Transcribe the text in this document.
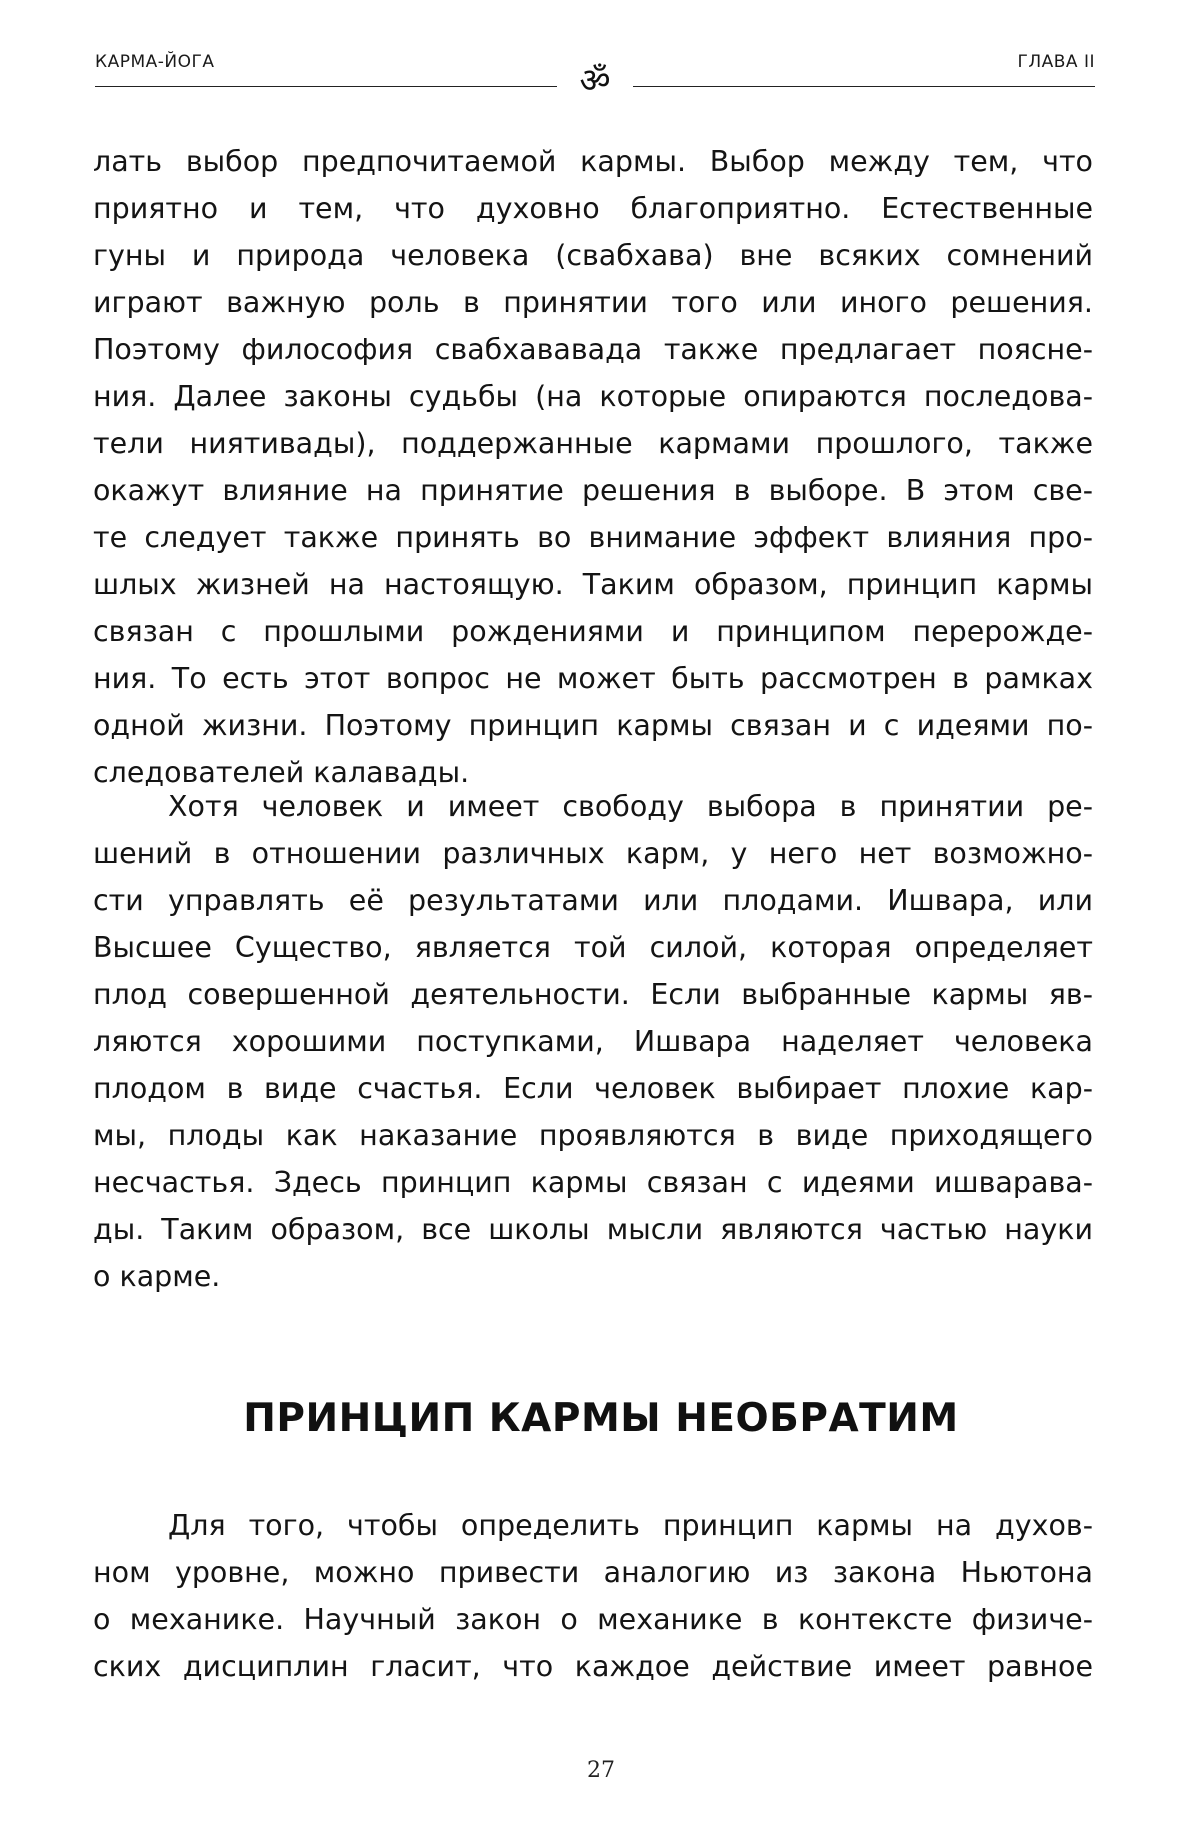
КАРМА-ЙОГА	ॐ	ГЛАВА II
лать выбор предпочитаемой кармы. Выбор между тем, что
приятно и тем, что духовно благоприятно. Естественные
гуны и природа человека (свабхава) вне всяких сомнений
играют важную роль в принятии того или иного решения.
Поэтому философия свабхававада также предлагает поясне-
ния. Далее законы судьбы (на которые опираются последова-
тели ниятивады), поддержанные кармами прошлого, также
окажут влияние на принятие решения в выборе. В этом све-
те следует также принять во внимание эффект влияния про-
шлых жизней на настоящую. Таким образом, принцип кармы
связан с прошлыми рождениями и принципом перерожде-
ния. То есть этот вопрос не может быть рассмотрен в рамках
одной жизни. Поэтому принцип кармы связан и с идеями по-
следователей калавады.
Хотя человек и имеет свободу выбора в принятии ре-
шений в отношении различных карм, у него нет возможно-
сти управлять её результатами или плодами. Ишвара, или
Высшее Существо, является той силой, которая определяет
плод совершенной деятельности. Если выбранные кармы яв-
ляются хорошими поступками, Ишвара наделяет человека
плодом в виде счастья. Если человек выбирает плохие кар-
мы, плоды как наказание проявляются в виде приходящего
несчастья. Здесь принцип кармы связан с идеями ишварава-
ды. Таким образом, все школы мысли являются частью науки
о карме.
ПРИНЦИП КАРМЫ НЕОБРАТИМ
Для того, чтобы определить принцип кармы на духов-
ном уровне, можно привести аналогию из закона Ньютона
о механике. Научный закон о механике в контексте физиче-
ских дисциплин гласит, что каждое действие имеет равное
27
